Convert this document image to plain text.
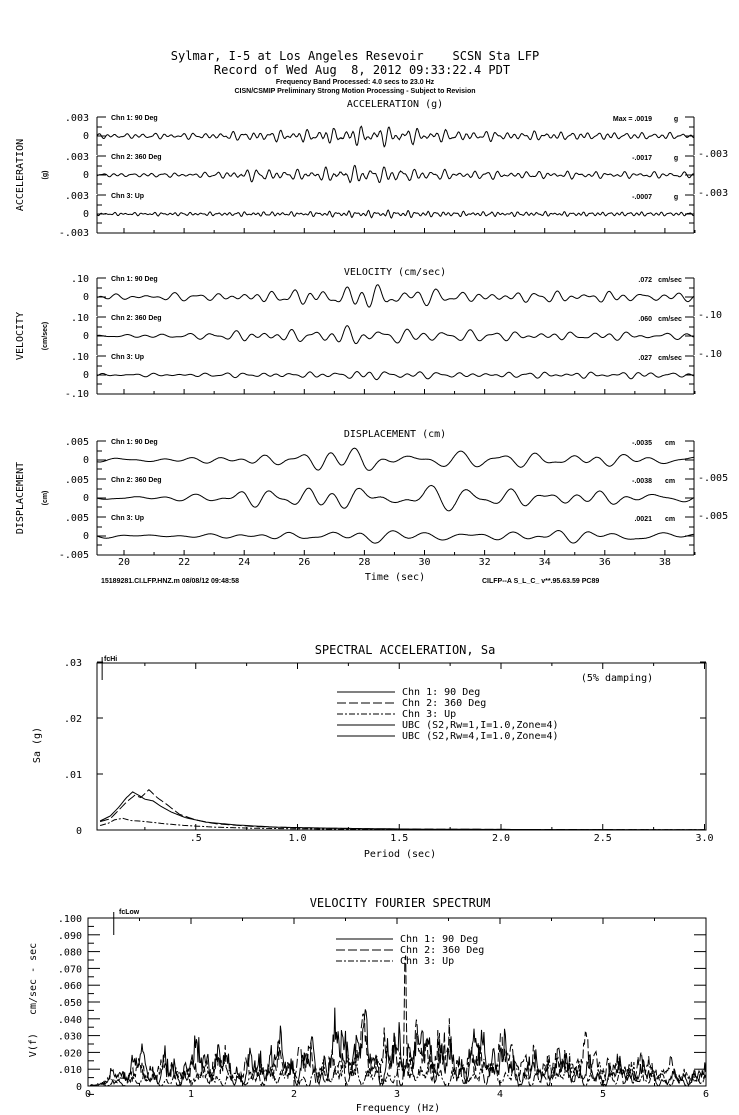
Sylmar, I-5 at Los Angeles Resevoir    SCSN Sta LFP
Record of Wed Aug  8, 2012 09:33:22.4 PDT
Frequency Band Processed: 4.0 secs to 23.0 Hz
CISN/CSMIP Preliminary Strong Motion Processing - Subject to Revision
ACCELERATION (g)
VELOCITY (cm/sec)
DISPLACEMENT (cm)
ACCELERATION (g)
VELOCITY (cm/sec)
DISPLACEMENT (cm)
15189281.CI.LFP.HNZ.m 08/08/12 09:48:58	Time (sec)	CILFP--A S_L_C_ v**.95.63.59 PC89
SPECTRAL ACCELERATION, Sa
Period (sec)
Sa (g)
(5% damping)
fcHi
VELOCITY FOURIER SPECTRUM
Frequency (Hz)
V(f)   cm/sec - sec
fcLow
.003
0
-.003
Chn 1: 90 Deg	Max = .0019	g
.003
0
-.003
Chn 2: 360 Deg	-.0017	g
.003
0
-.003
Chn 3: Up	-.0007	g
.10
0
-.10
Chn 1: 90 Deg	.072 cm/sec
.10
0
-.10
Chn 2: 360 Deg	.060 cm/sec
.10
0
-.10
Chn 3: Up	.027 cm/sec
.005
0
-.005
Chn 1: 90 Deg	-.0035 cm
.005
0
-.005
Chn 2: 360 Deg	-.0038 cm
.005
0
-.005
Chn 3: Up	.0021 cm
20	22	24	26	28	30	32	34	36	38
.5	1.0	1.5	2.0	2.5	3.0
.03
.02
.01
0
Chn 1: 90 Deg
Chn 2: 360 Deg
Chn 3: Up
UBC (S2,Rw=1,I=1.0,Zone=4)
UBC (S2,Rw=4,I=1.0,Zone=4)
0	1	2	3	4	5	6
.100
.090
.080
.070
.060
.050
.040
.030
.020
.010
0
Chn 1: 90 Deg
Chn 2: 360 Deg
Chn 3: Up
